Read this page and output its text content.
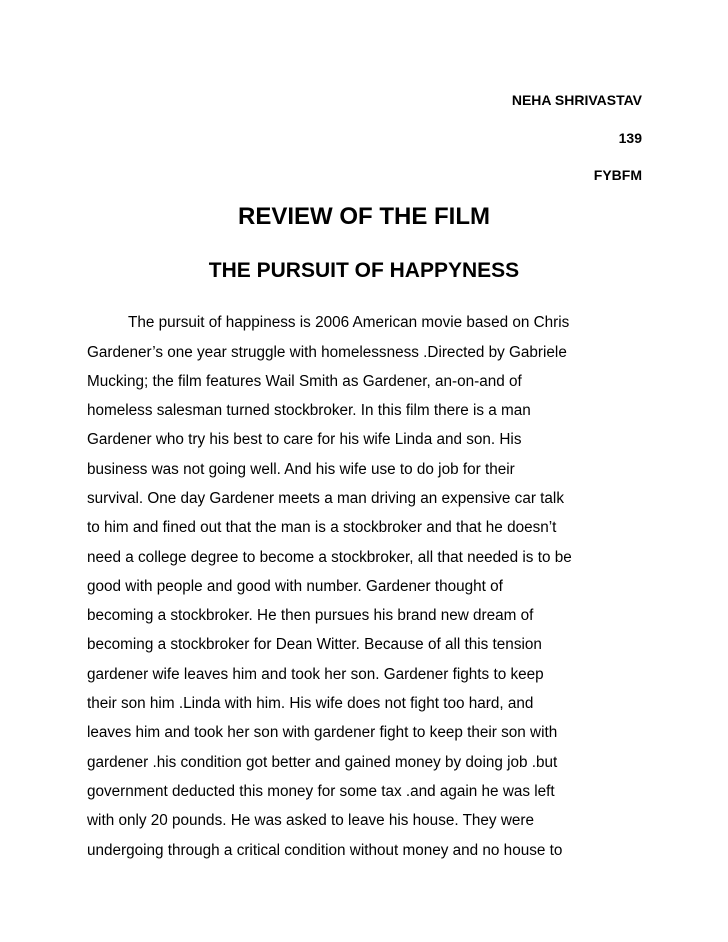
NEHA SHRIVASTAV
139
FYBFM
REVIEW OF THE FILM
THE PURSUIT OF HAPPYNESS
The pursuit of happiness is 2006 American movie based on Chris
Gardener’s one year struggle with homelessness .Directed by Gabriele
Mucking; the film features Wail Smith as Gardener, an-on-and of
homeless salesman turned stockbroker. In this film there is a man
Gardener who try his best to care for his wife Linda and son. His
business was not going well. And his wife use to do job for their
survival. One day Gardener meets a man driving an expensive car talk
to him and fined out that the man is a stockbroker and that he doesn’t
need a college degree to become a stockbroker, all that needed is to be
good with people and good with number. Gardener thought of
becoming a stockbroker. He then pursues his brand new dream of
becoming a stockbroker for Dean Witter. Because of all this tension
gardener wife leaves him and took her son. Gardener fights to keep
their son him .Linda with him. His wife does not fight too hard, and
leaves him and took her son with gardener fight to keep their son with
gardener .his condition got better and gained money by doing job .but
government deducted this money for some tax .and again he was left
with only 20 pounds. He was asked to leave his house. They were
undergoing through a critical condition without money and no house to
